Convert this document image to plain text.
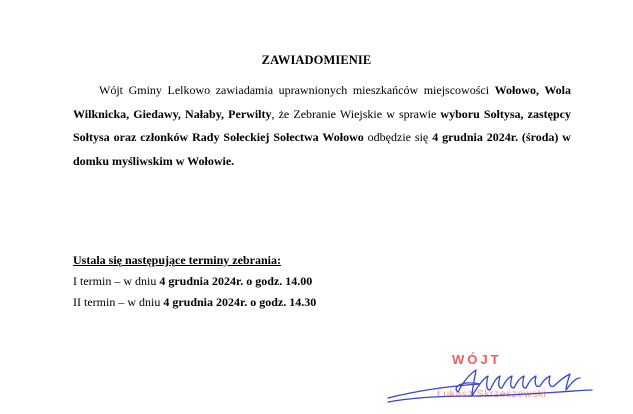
ZAWIADOMIENIE
Wójt Gminy Lelkowo zawiadamia uprawnionych mieszkańców miejscowości Wołowo, Wola Wilknicka, Giedawy, Nałaby, Perwilty, że Zebranie Wiejskie w sprawie wyboru Sołtysa, zastępcy Sołtysa oraz członków Rady Sołeckiej Sołectwa Wołowo odbędzie się 4 grudnia 2024r. (środa) w domku myśliwskim w Wołowie.
Ustala się następujące terminy zebrania:
I termin – w dniu 4 grudnia 2024r. o godz. 14.00
II termin – w dniu 4 grudnia 2024r. o godz. 14.30
WÓJT
Łukasz Skrzeszewski
